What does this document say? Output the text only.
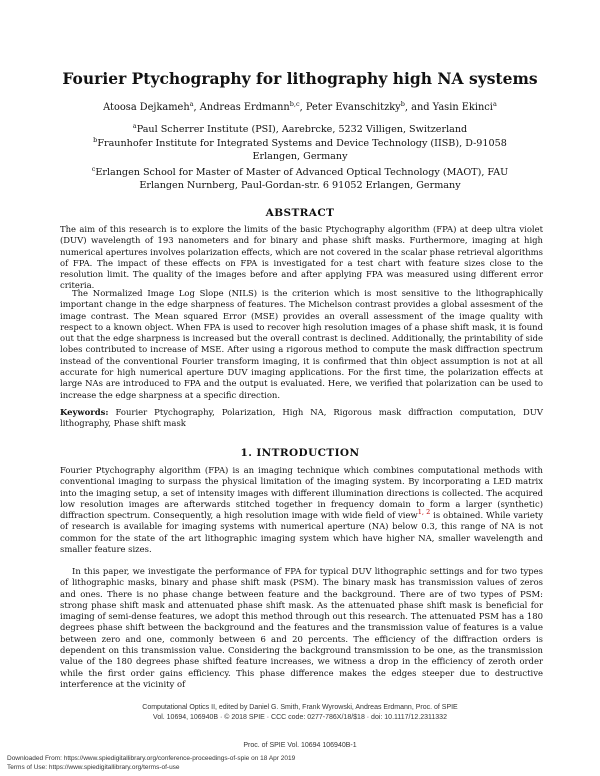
Fourier Ptychography for lithography high NA systems
Atoosa Dejkameh$^a$, Andreas Erdmann$^{b,c}$, Peter Evanschitzky$^b$, and Yasin Ekinci$^a$
$^a$Paul Scherrer Institute (PSI), Aarebrcke, 5232 Villigen, Switzerland
$^b$Fraunhofer Institute for Integrated Systems and Device Technology (IISB), D-91058
Erlangen, Germany
$^c$Erlangen School for Master of Master of Advanced Optical Technology (MAOT), FAU
Erlangen Nurnberg, Paul-Gordan-str. 6 91052 Erlangen, Germany
ABSTRACT
The aim of this research is to explore the limits of the basic Ptychography algorithm (FPA) at deep ultra violet (DUV) wavelength of 193 nanometers and for binary and phase shift masks. Furthermore, imaging at high numerical apertures involves polarization effects, which are not covered in the scalar phase retrieval algorithms of FPA. The impact of these effects on FPA is investigated for a test chart with feature sizes close to the resolution limit. The quality of the images before and after applying FPA was measured using different error criteria.
The Normalized Image Log Slope (NILS) is the criterion which is most sensitive to the lithographically important change in the edge sharpness of features. The Michelson contrast provides a global assesment of the image contrast. The Mean squared Error (MSE) provides an overall assessment of the image quality with respect to a known object. When FPA is used to recover high resolution images of a phase shift mask, it is found out that the edge sharpness is increased but the overall contrast is declined. Additionally, the printability of side lobes contributed to increase of MSE. After using a rigorous method to compute the mask diffraction spectrum instead of the conventional Fourier transform imaging, it is confirmed that thin object assumption is not at all accurate for high numerical aperture DUV imaging applications. For the first time, the polarization effects at large NAs are introduced to FPA and the output is evaluated. Here, we verified that polarization can be used to increase the edge sharpness at a specific direction.
Keywords: Fourier Ptychography, Polarization, High NA, Rigorous mask diffraction computation, DUV lithography, Phase shift mask
1. INTRODUCTION
Fourier Ptychography algorithm (FPA) is an imaging technique which combines computational methods with conventional imaging to surpass the physical limitation of the imaging system. By incorporating a LED matrix into the imaging setup, a set of intensity images with different illumination directions is collected. The acquired low resolution images are afterwards stitched together in frequency domain to form a larger (synthetic) diffraction spectrum. Consequently, a high resolution image with wide field of view$^{1, 2}$ is obtained. While variety of research is available for imaging systems with numerical aperture (NA) below 0.3, this range of NA is not common for the state of the art lithographic imaging system which have higher NA, smaller wavelength and smaller feature sizes.
In this paper, we investigate the performance of FPA for typical DUV lithographic settings and for two types of lithographic masks, binary and phase shift mask (PSM). The binary mask has transmission values of zeros and ones. There is no phase change between feature and the background. There are of two types of PSM: strong phase shift mask and attenuated phase shift mask. As the attenuated phase shift mask is beneficial for imaging of semi-dense features, we adopt this method through out this research. The attenuated PSM has a 180 degrees phase shift between the background and the features and the transmission value of features is a value between zero and one, commonly between 6 and 20 percents. The efficiency of the diffraction orders is dependent on this transmission value. Considering the background transmission to be one, as the transmission value of the 180 degrees phase shifted feature increases, we witness a drop in the efficiency of zeroth order while the first order gains efficiency. This phase difference makes the edges steeper due to destructive interference at the vicinity of
Computational Optics II, edited by Daniel G. Smith, Frank Wyrowski, Andreas Erdmann, Proc. of SPIE
Vol. 10694, 106940B · © 2018 SPIE · CCC code: 0277-786X/18/$18 · doi: 10.1117/12.2311332
Proc. of SPIE Vol. 10694 106940B-1
Downloaded From: https://www.spiedigitallibrary.org/conference-proceedings-of-spie on 18 Apr 2019
Terms of Use: https://www.spiedigitallibrary.org/terms-of-use
